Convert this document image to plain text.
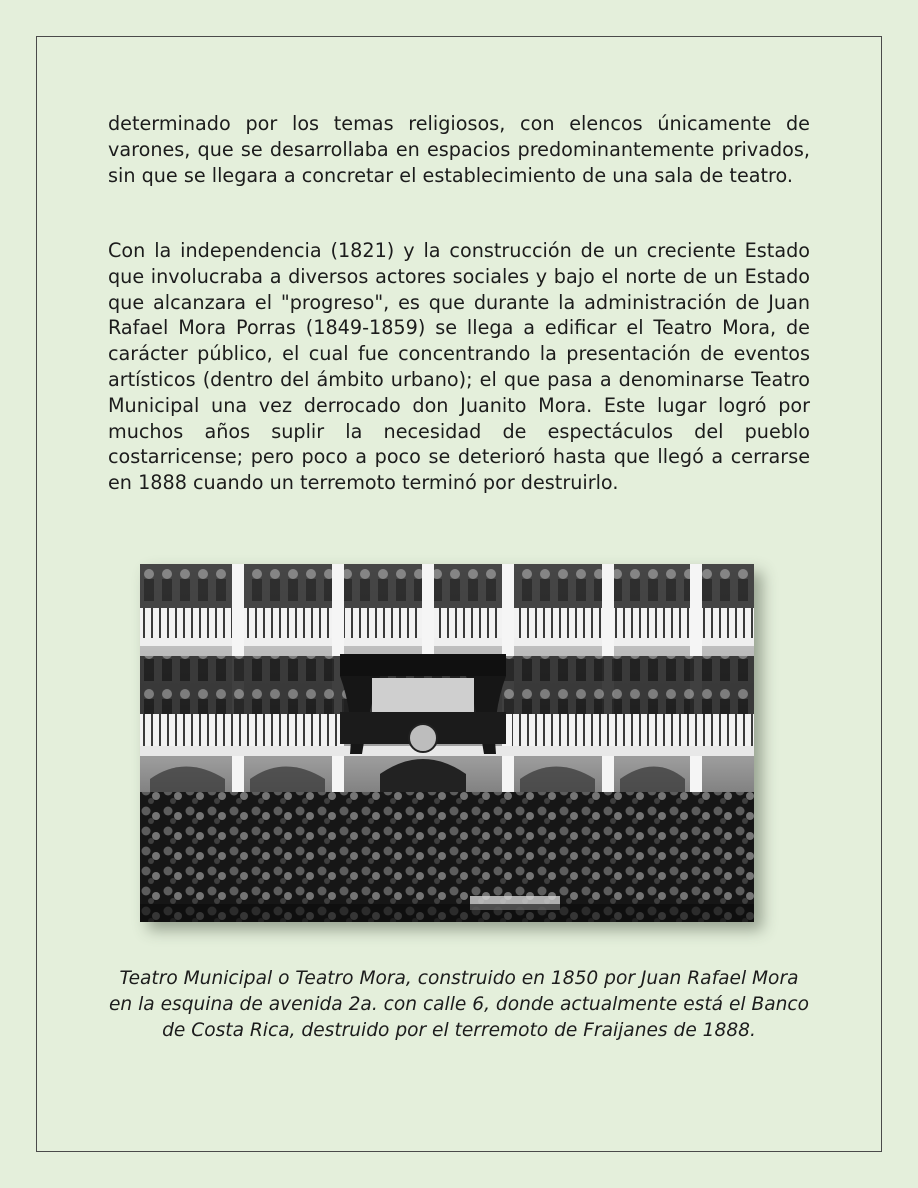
determinado por los temas religiosos, con elencos únicamente de varones, que se desarrollaba en espacios predominantemente privados, sin que se llegara a concretar el establecimiento de una sala de teatro.

Con la independencia (1821) y la construcción de un creciente Estado que involucraba a diversos actores sociales y bajo el norte de un Estado que alcanzara el "progreso", es que durante la administración de Juan Rafael Mora Porras (1849-1859) se llega a edificar el Teatro Mora, de carácter público, el cual fue concentrando la presentación de eventos artísticos (dentro del ámbito urbano); el que pasa a denominarse Teatro Municipal una vez derrocado don Juanito Mora. Este lugar logró por muchos años suplir la necesidad de espectáculos del pueblo costarricense; pero poco a poco se deterioró hasta que llegó a cerrarse en 1888 cuando un terremoto terminó por destruirlo.

Teatro Municipal o Teatro Mora, construido en 1850 por Juan Rafael Mora en la esquina de avenida 2a. con calle 6, donde actualmente está el Banco de Costa Rica, destruido por el terremoto de Fraijanes de 1888.
